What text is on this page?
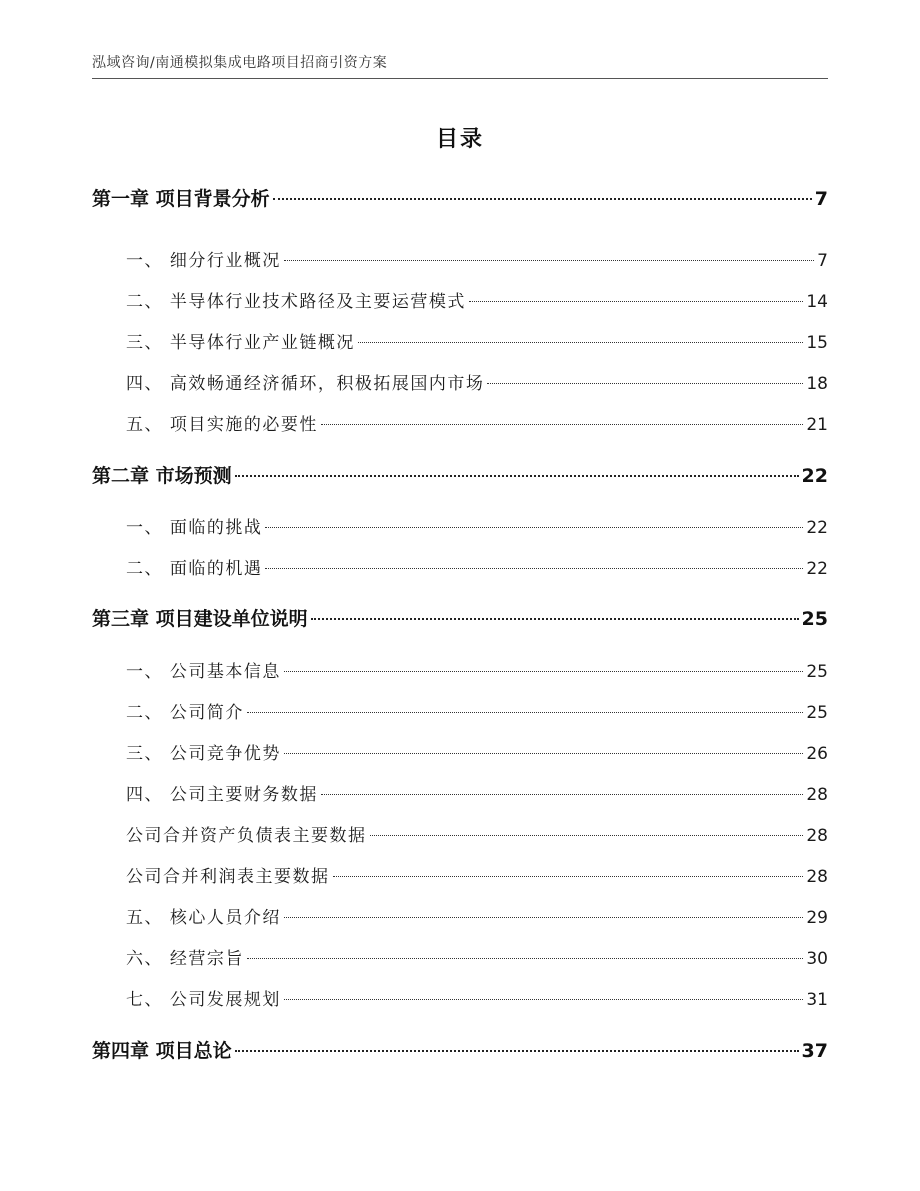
泓域咨询/南通模拟集成电路项目招商引资方案
目录
第一章 项目背景分析	7
一、 细分行业概况	7
二、 半导体行业技术路径及主要运营模式	14
三、 半导体行业产业链概况	15
四、 高效畅通经济循环，积极拓展国内市场	18
五、 项目实施的必要性	21
第二章 市场预测	22
一、 面临的挑战	22
二、 面临的机遇	22
第三章 项目建设单位说明	25
一、 公司基本信息	25
二、 公司简介	25
三、 公司竞争优势	26
四、 公司主要财务数据	28
公司合并资产负债表主要数据	28
公司合并利润表主要数据	28
五、 核心人员介绍	29
六、 经营宗旨	30
七、 公司发展规划	31
第四章 项目总论	37
